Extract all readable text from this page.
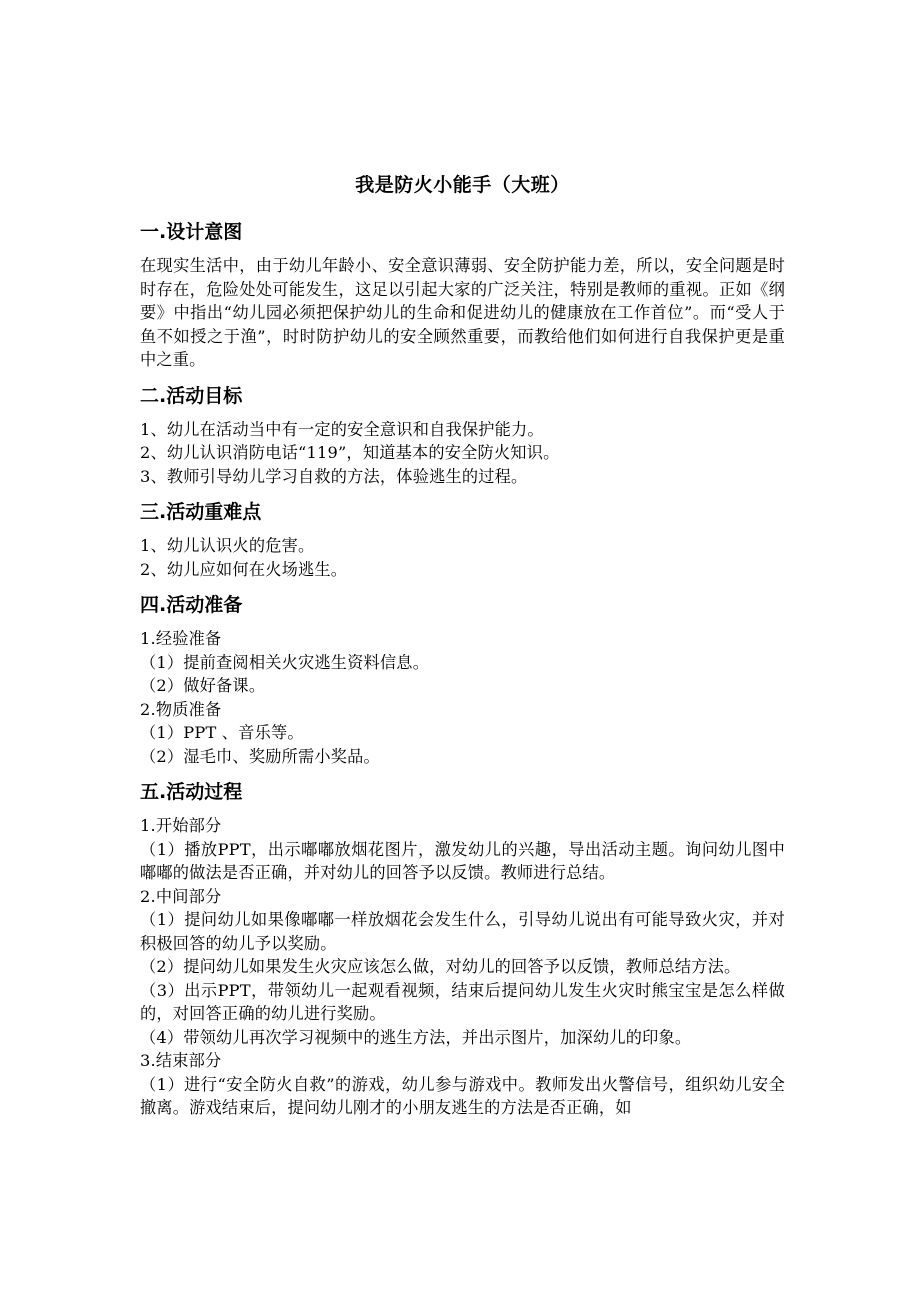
我是防火小能手（大班）
一.设计意图

在现实生活中，由于幼儿年龄小、安全意识薄弱、安全防护能力差，所以，安全问题是时时存在，危险处处可能发生，这足以引起大家的广泛关注，特别是教师的重视。正如《纲要》中指出“幼儿园必须把保护幼儿的生命和促进幼儿的健康放在工作首位”。而“受人于鱼不如授之于渔”，时时防护幼儿的安全顾然重要，而教给他们如何进行自我保护更是重中之重。

二.活动目标

1、幼儿在活动当中有一定的安全意识和自我保护能力。

2、幼儿认识消防电话“119”，知道基本的安全防火知识。

3、教师引导幼儿学习自救的方法，体验逃生的过程。

三.活动重难点

1、幼儿认识火的危害。

2、幼儿应如何在火场逃生。

四.活动准备

1.经验准备

（1）提前查阅相关火灾逃生资料信息。

（2）做好备课。

2.物质准备

（1）PPT 、音乐等。

（2）湿毛巾、奖励所需小奖品。

五.活动过程

1.开始部分

（1）播放PPT，出示嘟嘟放烟花图片，激发幼儿的兴趣，导出活动主题。询问幼儿图中嘟嘟的做法是否正确，并对幼儿的回答予以反馈。教师进行总结。

2.中间部分

（1）提问幼儿如果像嘟嘟一样放烟花会发生什么，引导幼儿说出有可能导致火灾，并对积极回答的幼儿予以奖励。

（2）提问幼儿如果发生火灾应该怎么做，对幼儿的回答予以反馈，教师总结方法。

（3）出示PPT，带领幼儿一起观看视频，结束后提问幼儿发生火灾时熊宝宝是怎么样做的，对回答正确的幼儿进行奖励。

（4）带领幼儿再次学习视频中的逃生方法，并出示图片，加深幼儿的印象。

3.结束部分

（1）进行“安全防火自救”的游戏，幼儿参与游戏中。教师发出火警信号，组织幼儿安全撤离。游戏结束后，提问幼儿刚才的小朋友逃生的方法是否正确，如
